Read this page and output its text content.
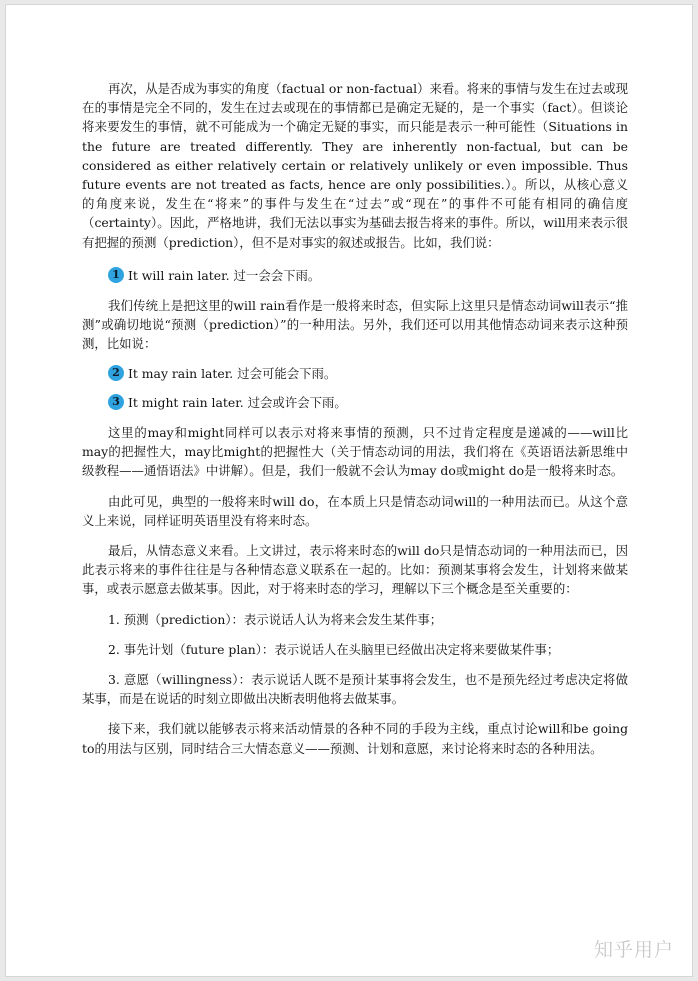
再次，从是否成为事实的角度（factual or non-factual）来看。将来的事情与发生在过去或现在的事情是完全不同的，发生在过去或现在的事情都已是确定无疑的，是一个事实（fact）。但谈论将来要发生的事情，就不可能成为一个确定无疑的事实，而只能是表示一种可能性（Situations in the future are treated differently. They are inherently non-factual, but can be considered as either relatively certain or relatively unlikely or even impossible. Thus future events are not treated as facts, hence are only possibilities.）。所以，从核心意义的角度来说，发生在“将来”的事件与发生在“过去”或“现在”的事件不可能有相同的确信度（certainty）。因此，严格地讲，我们无法以事实为基础去报告将来的事件。所以，will用来表示很有把握的预测（prediction），但不是对事实的叙述或报告。比如，我们说：

1 It will rain later. 过一会会下雨。

我们传统上是把这里的will rain看作是一般将来时态，但实际上这里只是情态动词will表示“推测”或确切地说“预测（prediction）”的一种用法。另外，我们还可以用其他情态动词来表示这种预测，比如说：

2 It may rain later. 过会可能会下雨。
3 It might rain later. 过会或许会下雨。

这里的may和might同样可以表示对将来事情的预测，只不过肯定程度是递减的——will比may的把握性大，may比might的把握性大（关于情态动词的用法，我们将在《英语语法新思维中级教程——通悟语法》中讲解）。但是，我们一般就不会认为may do或might do是一般将来时态。

由此可见，典型的一般将来时will do，在本质上只是情态动词will的一种用法而已。从这个意义上来说，同样证明英语里没有将来时态。

最后，从情态意义来看。上文讲过，表示将来时态的will do只是情态动词的一种用法而已，因此表示将来的事件往往是与各种情态意义联系在一起的。比如：预测某事将会发生，计划将来做某事，或表示愿意去做某事。因此，对于将来时态的学习，理解以下三个概念是至关重要的：

1. 预测（prediction）：表示说话人认为将来会发生某件事；

2. 事先计划（future plan）：表示说话人在头脑里已经做出决定将来要做某件事；

3. 意愿（willingness）：表示说话人既不是预计某事将会发生，也不是预先经过考虑决定将做某事，而是在说话的时刻立即做出决断表明他将去做某事。

接下来，我们就以能够表示将来活动情景的各种不同的手段为主线，重点讨论will和be going to的用法与区别，同时结合三大情态意义——预测、计划和意愿，来讨论将来时态的各种用法。

知乎用户
